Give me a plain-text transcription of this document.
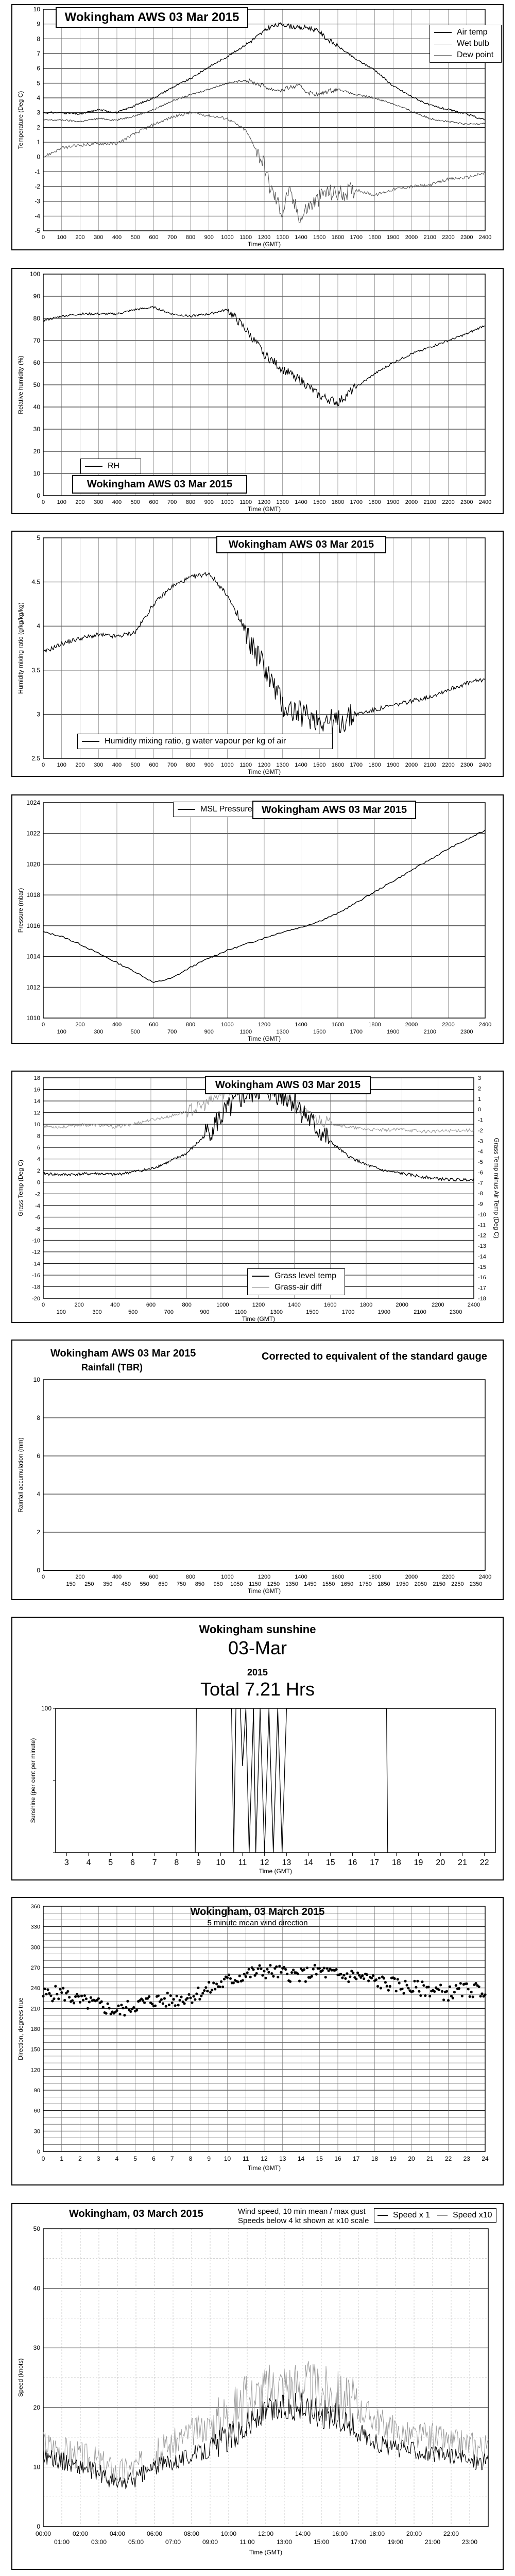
10
9
8
7
6
5
4
3
2
1
0
-1
-2
-3
-4
-5
0 100 200 300 400 500 600 700 800 900 1000 1100 1200 1300 1400 1500 1600 1700 1800 1900 2000 2100 2200 2300 2400
Time (GMT)
Temperature (Deg C)
Wokingham AWS 03 Mar 2015
Air temp
Wet bulb
Dew point
100
90
80
70
60
50
40
30
20
10
0
0 100 200 300 400 500 600 700 800 900 1000 1100 1200 1300 1400 1500 1600 1700 1800 1900 2000 2100 2200 2300 2400
Time (GMT)
Relative humidity (%)
RH
Wokingham AWS 03 Mar 2015
5
4.5
4
3.5
3
2.5
0 100 200 300 400 500 600 700 800 900 1000 1100 1200 1300 1400 1500 1600 1700 1800 1900 2000 2100 2200 2300 2400
Time (GMT)
Humidity mixing ratio (g/kg/kg/kg)
Wokingham AWS 03 Mar 2015
Humidity mixing ratio, g water vapour per kg of air
1024
1022
1020
1018
1016
1014
1012
1010
0	200	400	600	800	1000	1200	1400	1600	1800	2000	2200	2400
100	300	500	700	900	1100	1300	1500	1700	1900	2100	2300
Time (GMT)
Pressure (mbar)
MSL Pressure Wokingham AWS 03 Mar 2015
18
16
14
12
10
8
6
4
2
0
-2
-4
-6
-8
-10
-12
-14
-16
-18
-20
3
2
1
0
-1
-2
-3
-4
-5
-6
-7
-8
-9
-10
-11
-12
-13
-14
-15
-16
-17
-18
0	200	400	600	800	1000	1200	1400	1600	1800	2000	2200	2400
100	300	500	700	900	1100	1300	1500	1700	1900	2100	2300
Time (GMT)
Grass Temp (Deg C)	Grass Temp minus Air Temp (Deg C)
Wokingham AWS 03 Mar 2015
Grass level temp
Grass-air diff
10
8
6
4
2
0
0	200	400	600	800	1000	1200	1400	1600	1800	2000	2200	2400
150 250 350 450 550 650 750 850 950 1050 1150 1250 1350 1450 1550 1650 1750 1850 1950 2050 2150 2250 2350
Time (GMT)
Rainfall accumulation (mm)
Wokingham AWS 03 Mar 2015
Rainfall (TBR)
Corrected to equivalent of the standard gauge
100
3 4 5 6 7 8 9 10 11 12 13 14 15 16 17 18 19 20 21 22
Time (GMT)
Sunshine (per cent per minute)
Wokingham sunshine
03-Mar
2015
Total 7.21 Hrs
360
330
300
270
240
210
180
150
120
90
60
30
0
0 1 2 3 4 5 6 7 8 9 10 11 12 13 14 15 16 17 18 19 20 21 22 23 24
Time (GMT)
Direction, degrees true
Wokingham, 03 March 2015
5 minute mean wind direction
50
40
30
20
10
0
00:00	02:00	04:00	06:00	08:00	10:00	12:00	14:00	16:00	18:00	20:00	22:00
01:00	03:00	05:00	07:00	09:00	11:00	13:00	15:00	17:00	19:00	21:00	23:00
Time (GMT)
Speed (knots)
Wokingham, 03 March 2015	Wind speed, 10 min mean / max gust
Speeds below 4 kt shown at x10 scale
Speed x 1	Speed x10
